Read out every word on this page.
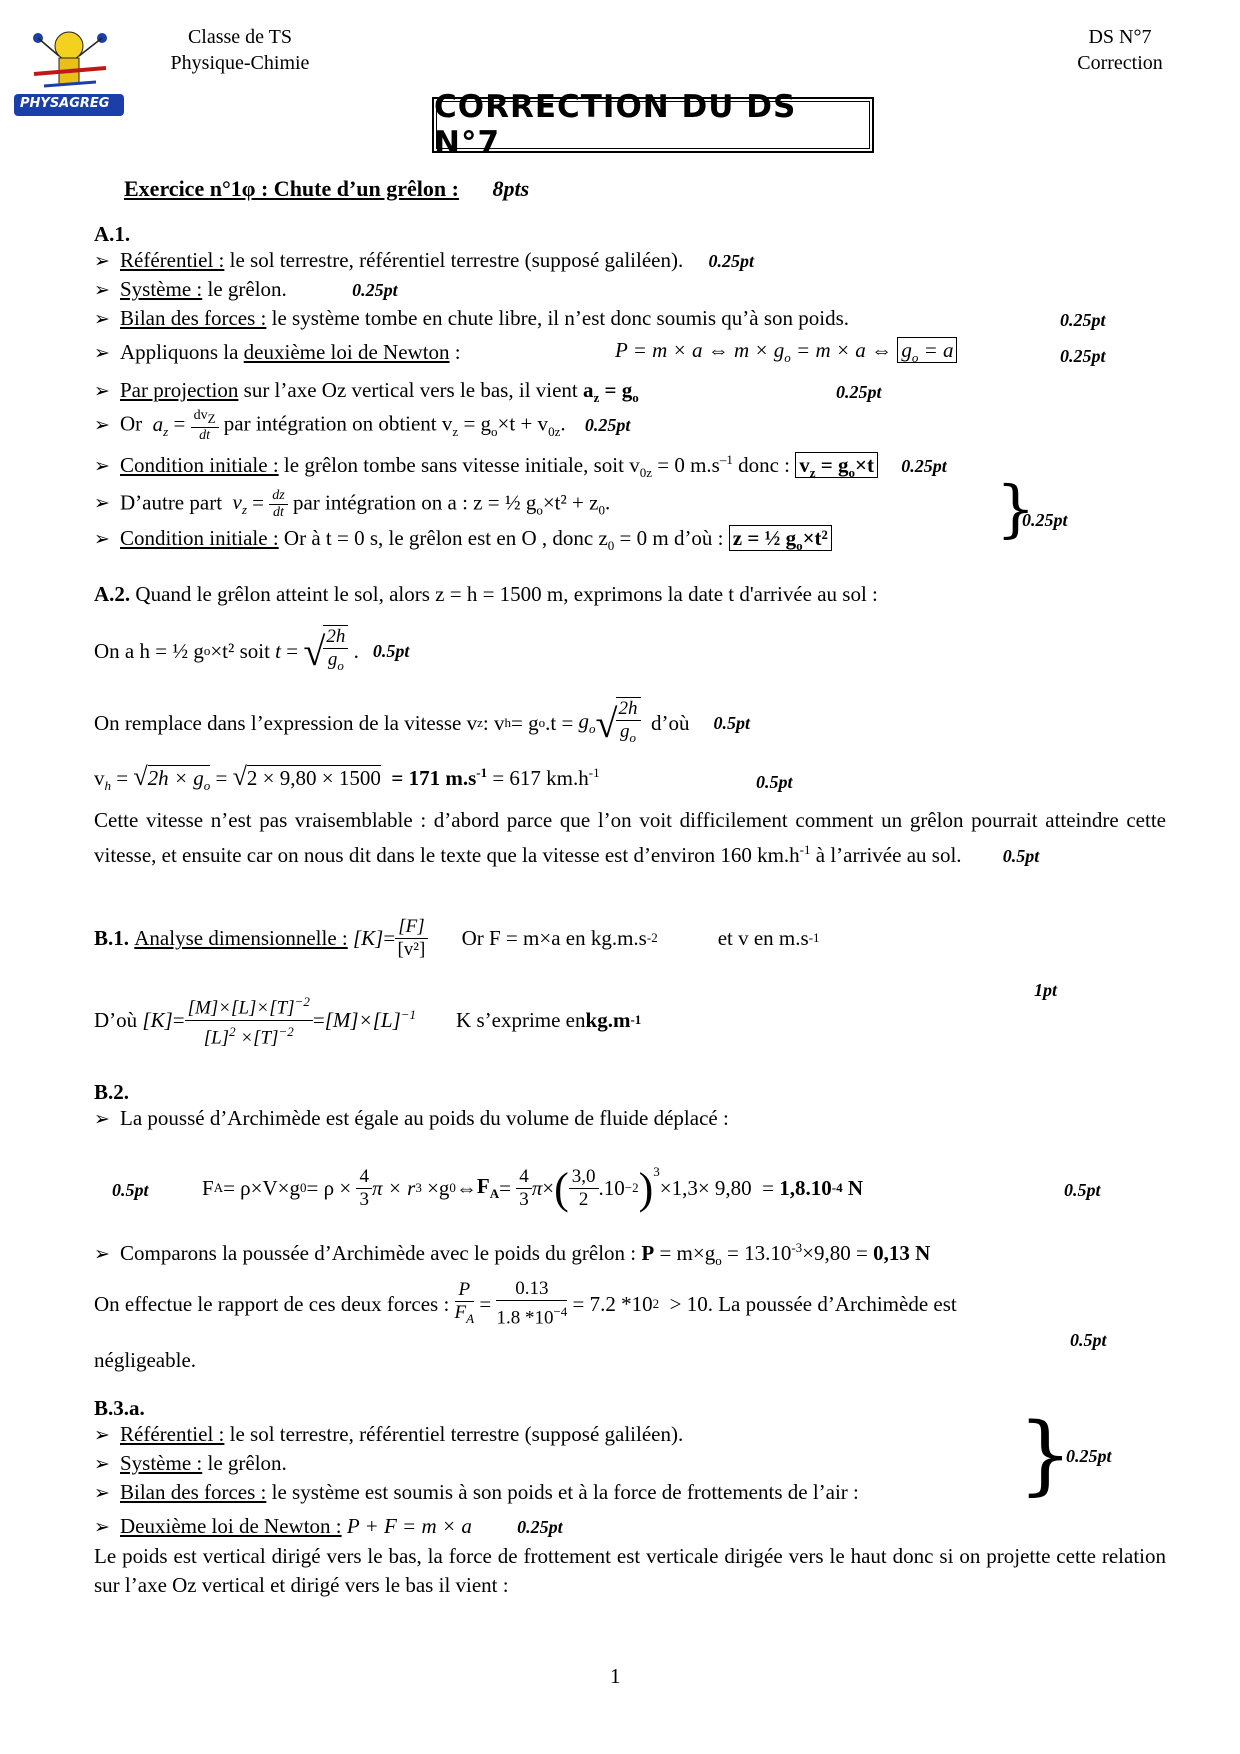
PHYSAGREG
Classe de TS
Physique-Chimie
DS N°7
Correction
CORRECTION DU DS N°7
Exercice n°1φ : Chute d’un grêlon : 8pts
A.1.
➢ Référentiel : le sol terrestre, référentiel terrestre (supposé galiléen). 0.25pt
➢ Système : le grêlon.	0.25pt
➢ Bilan des forces : le système tombe en chute libre, il n’est donc soumis qu’à son poids.	0.25pt
➢ Appliquons la deuxième loi de Newton :	P = m × a ⇔ $m \times g_o = m \times a$ ⇔ $g_o = a$	0.25pt
➢ Par projection sur l’axe Oz vertical vers le bas, il vient $a_z = g_o$	0.25pt
➢ Or  $a_z = \frac{dv_Z}{dt}$ par intégration on obtient $v_z = g_o\times t + v_{0z}$. 0.25pt
➢ Condition initiale : le grêlon tombe sans vitesse initiale, soit $v_{0z} = 0$ $m.s^{-1}$ donc : $v_z = g_o\times t$ 0.25pt
➢ D’autre part $v_z = \frac{dz}{dt}$ par intégration on a : z = ½ $g_o\times t^2 + z_0$.
➢ Condition initiale : Or à t = 0 s, le grêlon est en O , donc $z_0 = 0$ m d’où : z = ½ $g_o\times t^2$	}
0.25pt
A.2. Quand le grêlon atteint le sol, alors z = h = 1500 m, exprimons la date t d'arrivée au sol :
On a h = ½ g o ×t² soit t = √
$\frac{2h}{g_o}$ . 0.5pt
On remplace dans l’expression de la vitesse v z : v h = g o $.t = g_o$ √
$\frac{2h}{g_o}$ d’où 0.5pt
$v_h = √2h \times g_o = √2 \times 9,80 \times 1500 = 171$ $m.s^{-1} = 617$ $km.h^{-1}$	0.5pt
Cette vitesse n’est pas vraisemblable : d’abord parce que l’on voit difficilement comment un grêlon pourrait atteindre cette vitesse, et ensuite car on nous dit dans le texte que la vitesse est d’environ 160 $km.h^{-1}$ à l’arrivée au sol. 0.5pt
B.1.
Analyse dimensionnelle :
$[K] = \frac{[F]}{\text{[v²]}}$ Or F = m×a en kg.m.s -2	et v en m.s -1
1pt
D’où
$[K] = \frac{[M]\times[L]\times[T]^{-2}}{[L]^2 \times[T]^{-2}} = [M]\times[L]^{-1}$ K s’exprime en kg.m -1
B.2.
➢ La poussé d’Archimède est égale au poids du volume de fluide déplacé :
0.5pt	F A = ρ×V×g $0 = \rho \times \frac{4}{3}$ π × r 3 ×g 0 ⇔ $F_A = \frac{4}{3}$ π × ( $\frac{3,0}{2} .10 -2$ )$^3$
×1,3× 9,80  = 1,8.10 -4
N	0.5pt
➢ Comparons la poussée d’Archimède avec le poids du grêlon : $P = m\times g_o = 13.10^{-3}\times 9,80 = 0,13$ N
On effectue le rapport de ces deux forces :
$\frac{P}{F_A} = \frac{0.13}{1.8 *10^{-4}} = 7.2$ *10 2 > 10 . La poussée d’Archimède est
0.5pt
négligeable.
B.3.a.
➢ Référentiel : le sol terrestre, référentiel terrestre (supposé galiléen).
➢ Système : le grêlon.
➢ Bilan des forces : le système est soumis à son poids et à la force de frottements de l’air : }
0.25pt
➢ Deuxième loi de Newton : P + F = m × a	0.25pt
Le poids est vertical dirigé vers le bas, la force de frottement est verticale dirigée vers le haut donc si on projette cette relation sur l’axe Oz vertical et dirigé vers le bas il vient :
1
